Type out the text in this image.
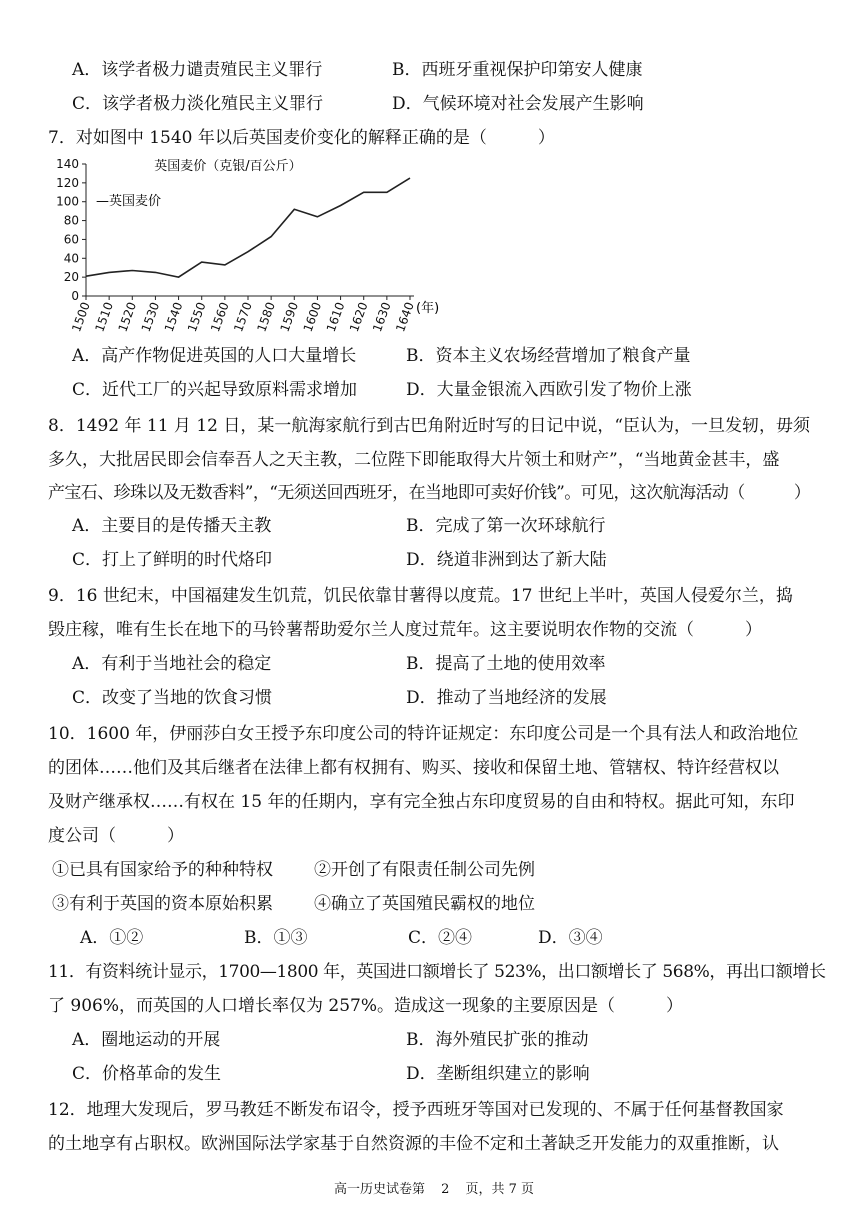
A．该学者极力谴责殖民主义罪行	B．西班牙重视保护印第安人健康
C．该学者极力淡化殖民主义罪行	D．气候环境对社会发展产生影响
7．对如图中 1540 年以后英国麦价变化的解释正确的是（　　　）
英国麦价（克银/百公斤）
—英国麦价
0
20
40
60
80
100
120
140
1500 1510 1520 1530 1540 1550 1560 1570 1580 1590 1600 1610 1620 1630 1640 (年)
A．高产作物促进英国的人口大量增长	B．资本主义农场经营增加了粮食产量
C．近代工厂的兴起导致原料需求增加	D．大量金银流入西欧引发了物价上涨
8．1492 年 11 月 12 日，某一航海家航行到古巴角附近时写的日记中说，“臣认为，一旦发轫，毋须
多久，大批居民即会信奉吾人之天主教，二位陛下即能取得大片领土和财产”，“当地黄金甚丰，盛
产宝石、珍珠以及无数香料”，“无须送回西班牙，在当地即可卖好价钱”。可见，这次航海活动（　　　）
A．主要目的是传播天主教	B．完成了第一次环球航行
C．打上了鲜明的时代烙印	D．绕道非洲到达了新大陆
9．16 世纪末，中国福建发生饥荒，饥民依靠甘薯得以度荒。17 世纪上半叶，英国人侵爱尔兰，捣
毁庄稼，唯有生长在地下的马铃薯帮助爱尔兰人度过荒年。这主要说明农作物的交流（　　　）
A．有利于当地社会的稳定	B．提高了土地的使用效率
C．改变了当地的饮食习惯	D．推动了当地经济的发展
10．1600 年，伊丽莎白女王授予东印度公司的特许证规定：东印度公司是一个具有法人和政治地位
的团体……他们及其后继者在法律上都有权拥有、购买、接收和保留土地、管辖权、特许经营权以
及财产继承权……有权在 15 年的任期内，享有完全独占东印度贸易的自由和特权。据此可知，东印
度公司（　　　）
①已具有国家给予的种种特权 ②开创了有限责任制公司先例
③有利于英国的资本原始积累 ④确立了英国殖民霸权的地位
A．①②	B．①③	C．②④	D．③④
11．有资料统计显示，1700—1800 年，英国进口额增长了 523%，出口额增长了 568%，再出口额增长
了 906%，而英国的人口增长率仅为 257%。造成这一现象的主要原因是（　　　）
A．圈地运动的开展	B．海外殖民扩张的推动
C．价格革命的发生	D．垄断组织建立的影响
12．地理大发现后，罗马教廷不断发布诏令，授予西班牙等国对已发现的、不属于任何基督教国家
的土地享有占职权。欧洲国际法学家基于自然资源的丰俭不定和土著缺乏开发能力的双重推断，认
高一历史试卷第 2 页，共 7 页
